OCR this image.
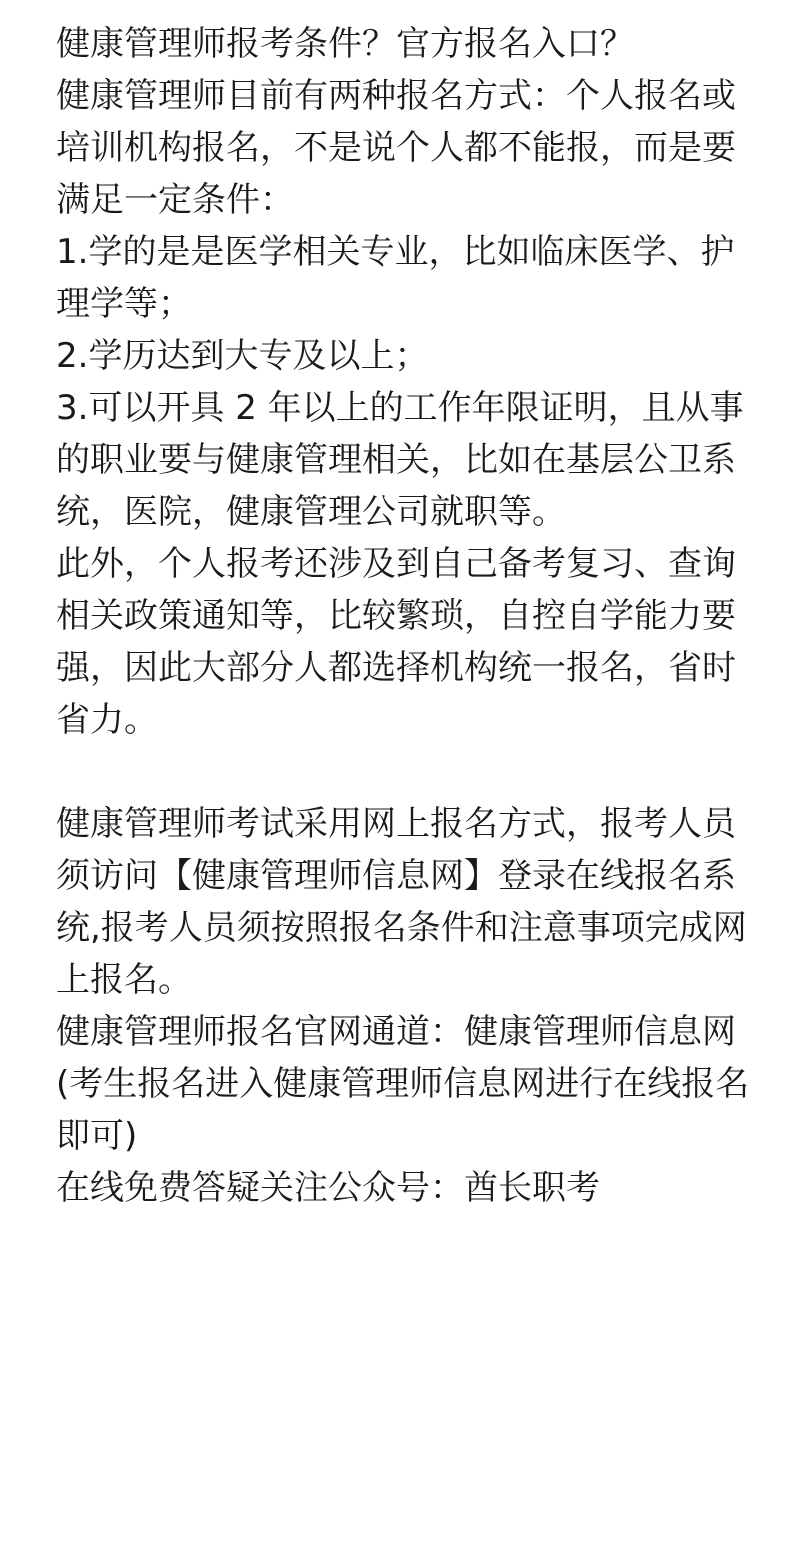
健康管理师报考条件？官方报名入口？

健康管理师目前有两种报名方式：个人报名或培训机构报名，不是说个人都不能报，而是要满足一定条件：

1.学的是是医学相关专业，比如临床医学、护理学等；

2.学历达到大专及以上；

3.可以开具 2 年以上的工作年限证明，且从事的职业要与健康管理相关，比如在基层公卫系统，医院，健康管理公司就职等。

此外，个人报考还涉及到自己备考复习、查询相关政策通知等，比较繁琐，自控自学能力要强，因此大部分人都选择机构统一报名，省时省力。

健康管理师考试采用网上报名方式，报考人员须访问【健康管理师信息网】登录在线报名系统,报考人员须按照报名条件和注意事项完成网上报名。

健康管理师报名官网通道：健康管理师信息网 (考生报名进入健康管理师信息网进行在线报名即可)

在线免费答疑关注公众号：酋长职考
